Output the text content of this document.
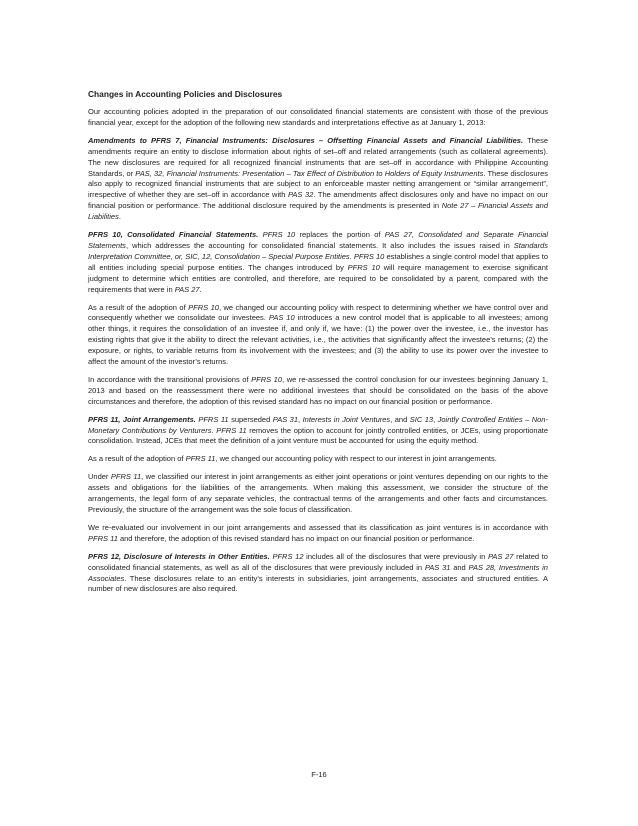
Changes in Accounting Policies and Disclosures

Our accounting policies adopted in the preparation of our consolidated financial statements are consistent with those of the previous financial year, except for the adoption of the following new standards and interpretations effective as at January 1, 2013:

Amendments to PFRS 7, Financial Instruments: Disclosures – Offsetting Financial Assets and Financial Liabilities. These amendments require an entity to disclose information about rights of set–off and related arrangements (such as collateral agreements). The new disclosures are required for all recognized financial instruments that are set–off in accordance with Philippine Accounting Standards, or PAS, 32, Financial Instruments: Presentation – Tax Effect of Distribution to Holders of Equity Instruments. These disclosures also apply to recognized financial instruments that are subject to an enforceable master netting arrangement or “similar arrangement”, irrespective of whether they are set–off in accordance with PAS 32. The amendments affect disclosures only and have no impact on our financial position or performance. The additional disclosure required by the amendments is presented in Note 27 – Financial Assets and Liabilities.

PFRS 10, Consolidated Financial Statements. PFRS 10 replaces the portion of PAS 27, Consolidated and Separate Financial Statements, which addresses the accounting for consolidated financial statements. It also includes the issues raised in Standards Interpretation Committee, or, SIC, 12, Consolidation – Special Purpose Entities. PFRS 10 establishes a single control model that applies to all entities including special purpose entities. The changes introduced by PFRS 10 will require management to exercise significant judgment to determine which entities are controlled, and therefore, are required to be consolidated by a parent, compared with the requirements that were in PAS 27.

As a result of the adoption of PFRS 10, we changed our accounting policy with respect to determining whether we have control over and consequently whether we consolidate our investees. PAS 10 introduces a new control model that is applicable to all investees; among other things, it requires the consolidation of an investee if, and only if, we have: (1) the power over the investee, i.e., the investor has existing rights that give it the ability to direct the relevant activities, i.e., the activities that significantly affect the investee’s returns; (2) the exposure, or rights, to variable returns from its involvement with the investees; and (3) the ability to use its power over the investee to affect the amount of the investor’s returns.

In accordance with the transitional provisions of PFRS 10, we re-assessed the control conclusion for our investees beginning January 1, 2013 and based on the reassessment there were no additional investees that should be consolidated on the basis of the above circumstances and therefore, the adoption of this revised standard has no impact on our financial position or performance.

PFRS 11, Joint Arrangements. PFRS 11 superseded PAS 31, Interests in Joint Ventures, and SIC 13, Jointly Controlled Entities – Non-Monetary Contributions by Venturers. PFRS 11 removes the option to account for jointly controlled entities, or JCEs, using proportionate consolidation. Instead, JCEs that meet the definition of a joint venture must be accounted for using the equity method.

As a result of the adoption of PFRS 11, we changed our accounting policy with respect to our interest in joint arrangements.

Under PFRS 11, we classified our interest in joint arrangements as either joint operations or joint ventures depending on our rights to the assets and obligations for the liabilities of the arrangements. When making this assessment, we consider the structure of the arrangements, the legal form of any separate vehicles, the contractual terms of the arrangements and other facts and circumstances. Previously, the structure of the arrangement was the sole focus of classification.

We re-evaluated our involvement in our joint arrangements and assessed that its classification as joint ventures is in accordance with PFRS 11 and therefore, the adoption of this revised standard has no impact on our financial position or performance.

PFRS 12, Disclosure of Interests in Other Entities. PFRS 12 includes all of the disclosures that were previously in PAS 27 related to consolidated financial statements, as well as all of the disclosures that were previously included in PAS 31 and PAS 28, Investments in Associates. These disclosures relate to an entity’s interests in subsidiaries, joint arrangements, associates and structured entities. A number of new disclosures are also required.

F-16
